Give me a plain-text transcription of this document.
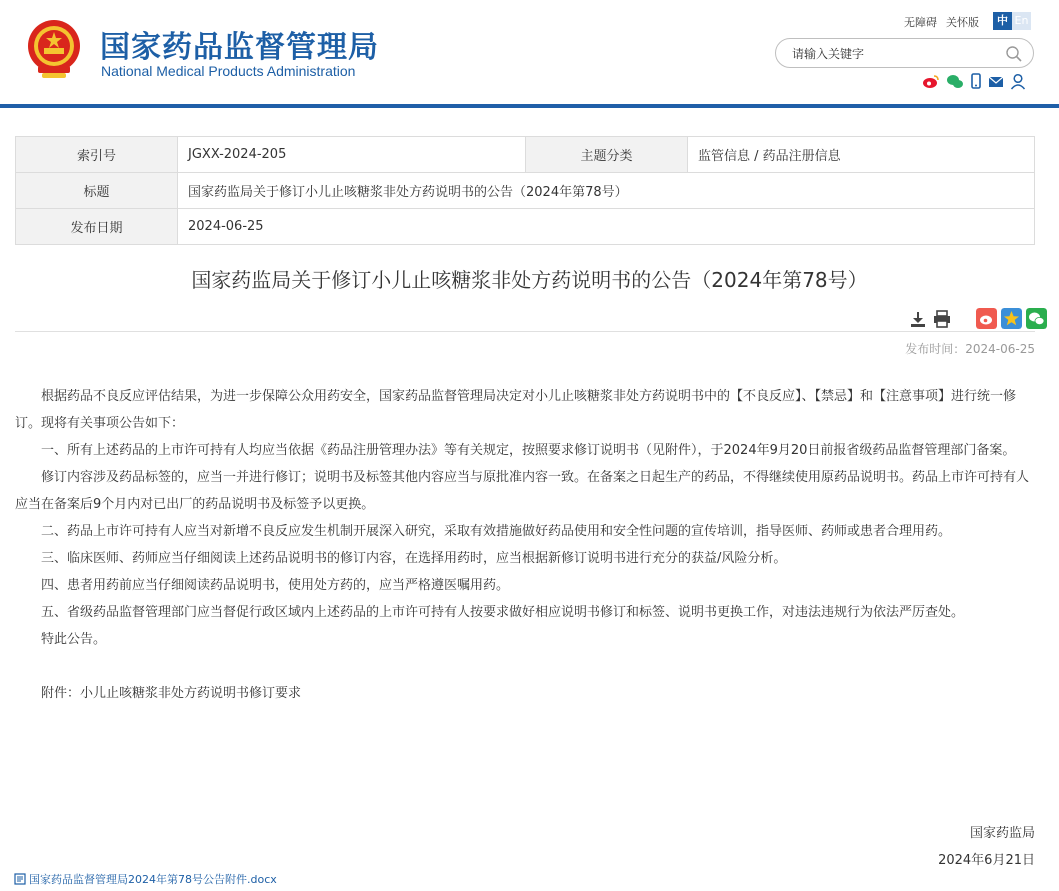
国家药品监督管理局
National Medical Products Administration
无障碍 关怀版	中 En
请输入关键字
索引号	JGXX-2024-205	主题分类	监管信息 / 药品注册信息
标题	国家药监局关于修订小儿止咳糖浆非处方药说明书的公告（2024年第78号）		
发布日期	2024-06-25		
国家药监局关于修订小儿止咳糖浆非处方药说明书的公告（2024年第78号）
发布时间：2024-06-25

根据药品不良反应评估结果，为进一步保障公众用药安全，国家药品监督管理局决定对小儿止咳糖浆非处方药说明书中的【不良反应】、【禁忌】和【注意事项】进行统一修订。现将有关事项公告如下：

一、所有上述药品的上市许可持有人均应当依据《药品注册管理办法》等有关规定，按照要求修订说明书（见附件），于2024年9月20日前报省级药品监督管理部门备案。

修订内容涉及药品标签的，应当一并进行修订；说明书及标签其他内容应当与原批准内容一致。在备案之日起生产的药品，不得继续使用原药品说明书。药品上市许可持有人应当在备案后9个月内对已出厂的药品说明书及标签予以更换。

二、药品上市许可持有人应当对新增不良反应发生机制开展深入研究，采取有效措施做好药品使用和安全性问题的宣传培训，指导医师、药师或患者合理用药。

三、临床医师、药师应当仔细阅读上述药品说明书的修订内容，在选择用药时，应当根据新修订说明书进行充分的获益/风险分析。

四、患者用药前应当仔细阅读药品说明书，使用处方药的，应当严格遵医嘱用药。

五、省级药品监督管理部门应当督促行政区域内上述药品的上市许可持有人按要求做好相应说明书修订和标签、说明书更换工作，对违法违规行为依法严厉查处。

特此公告。

附件：小儿止咳糖浆非处方药说明书修订要求

国家药监局
2024年6月21日
国家药品监督管理局2024年第78号公告附件.docx
